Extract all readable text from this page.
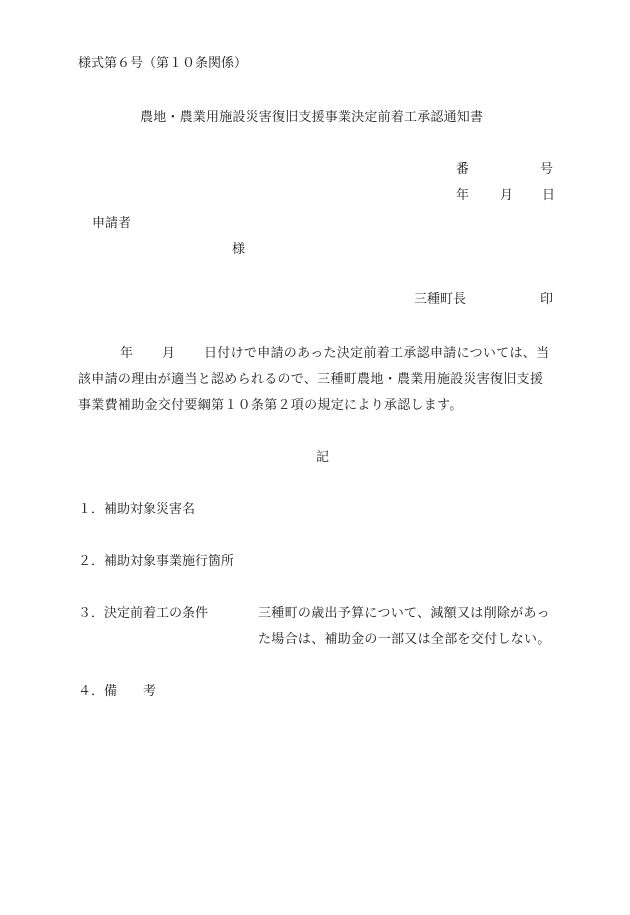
様式第６号（第１０条関係）
農地・農業用施設災害復旧支援事業決定前着工承認通知書
番	号
年 月 日
申請者
様
三種町長	印
年 月 日付けで申請のあった決定前着工承認申請については、当
該申請の理由が適当と認められるので、三種町農地・農業用施設災害復旧支援
事業費補助金交付要綱第１０条第２項の規定により承認します。
記
１．補助対象災害名
２．補助対象事業施行箇所
３．決定前着工の条件	三種町の歳出予算について、減額又は削除があっ
た場合は、補助金の一部又は全部を交付しない。
４．備　　考
